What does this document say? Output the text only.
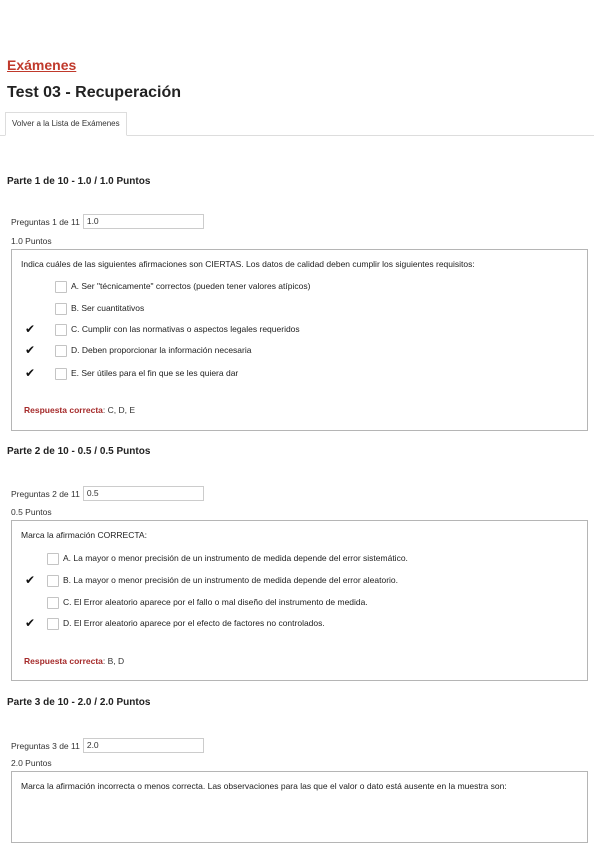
Exámenes
Test 03 - Recuperación
Volver a la Lista de Exámenes
Parte 1 de 10 - 1.0 / 1.0 Puntos
Preguntas 1 de 11 1.0
1.0 Puntos
Indica cuáles de las siguientes afirmaciones son CIERTAS. Los datos de calidad deben cumplir los siguientes requisitos:
A. Ser "técnicamente" correctos (pueden tener valores atípicos)
B. Ser cuantitativos
✔	C. Cumplir con las normativas o aspectos legales requeridos
✔	D. Deben proporcionar la información necesaria
✔	E. Ser útiles para el fin que se les quiera dar
Respuesta correcta: C, D, E
Parte 2 de 10 - 0.5 / 0.5 Puntos
Preguntas 2 de 11 0.5
0.5 Puntos
Marca la afirmación CORRECTA:
A. La mayor o menor precisión de un instrumento de medida depende del error sistemático.
✔	B. La mayor o menor precisión de un instrumento de medida depende del error aleatorio.
C. El Error aleatorio aparece por el fallo o mal diseño del instrumento de medida.
✔	D. El Error aleatorio aparece por el efecto de factores no controlados.
Respuesta correcta: B, D
Parte 3 de 10 - 2.0 / 2.0 Puntos
Preguntas 3 de 11 2.0
2.0 Puntos
Marca la afirmación incorrecta o menos correcta. Las observaciones para las que el valor o dato está ausente en la muestra son:
